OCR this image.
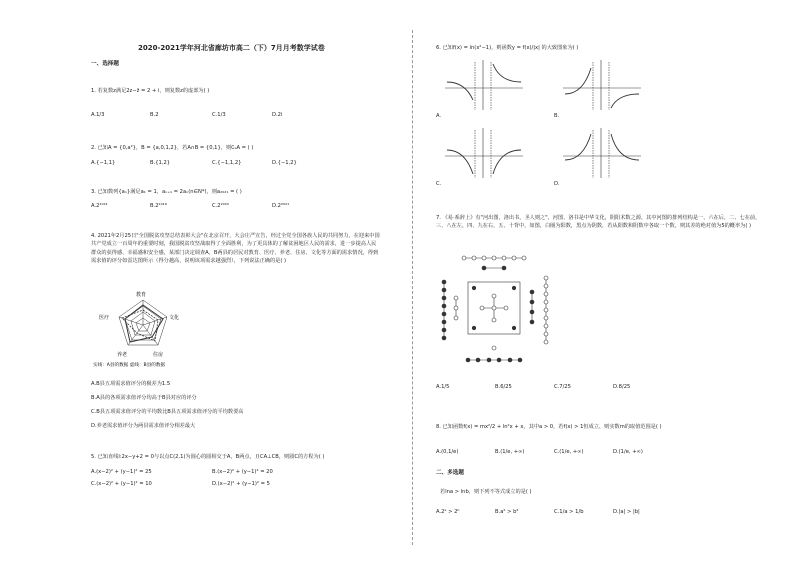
2020-2021学年河北省廊坊市高二（下）7月月考数学试卷
一、选择题
1. 若复数z满足2z−z̄ = 2 + i，则复数z的虚部为( )
A.1/3	B.2	C.1/3	D.2i
2. 已知A = {0,a²}，B = {a,0,1,2}，若A∩B = {0,1}，则∁ₐA = ( )
A.{−1,1}	B.{1,2}	C.{−1,1,2}	D.{−1,2}
3. 已知数列{aₙ}满足a₁ = 1，aₙ₊₁ = 2aₙ(n∈N*)，则a₂₀₂₁ = ( )
A.2¹⁰²¹	B.2²⁰¹⁹	C.2²⁰²⁰	D.2²⁰²¹
4. 2021年2月25日"全国脱贫攻坚总结表彰大会"在北京召开，大会庄严宣告，经过全党全国各族人民的共同努力，在迎来中国共产党成立一百周年的重要时刻，我国脱贫攻坚战取得了全面胜利，为了更具体的了解贫困地区人民的需求，进一步提高人民群众的获得感、幸福感和安全感，某部门决定调查A，B两县的居民对教育、医疗、养老、住房、文化等方面的需求情况，得到需求值的评分如雷达图所示（得分越高，说明该项需求越强烈），下列说法正确的是( )
教育
文化
住房
养老
医疗
实线：A县的数据 虚线：B县的数据
A.B县五项需求值评分的极差为1.5
B.A县的各项需求值评分均高于B县对应的评分
C.B县五项需求值评分的平均数比B县五项需求值评分的平均数要高
D.养老需求值评分为两县需求值评分相差最大
5. 已知直线l:2x−y+2 = 0与以点C(2,1)为圆心的圆相交于A，B两点，且CA⊥CB，则圆C的方程为( )
A.(x−2)² + (y−1)² = 25	B.(x−2)² + (y−1)² = 20
C.(x−2)² + (y−1)² = 10	D.(x−2)² + (y−1)² = 5
6. 已知f(x) = ln(x²−1)，则函数y = f(x)/|x| 的大致图象为( )
A.	B.
C.	D.
7. 《易·系辞上》有"河出图，洛出书，圣人则之"，河图、洛书是中华文化，阴阳术数之源，其中河图的排列结构是一、六在后，二、七在前，三、八在左，四、九在右，五、十背中，如图，白圈为阳数，黑点为阴数，若从阳数和阴数中各取一个数，则其差的绝对值为5的概率为( )
A.1/5	B.6/25	C.7/25	D.8/25
8. 已知函数f(x) = mx²/2 + ln²x + x，其中a > 0，若f(x) > 1恒成立，则实数m的取值范围是( )
A.(0,1/e)	B.(1/e, +∞)	C.(1/e, +∞)	D.(1/e, +∞)
二、多选题
若lna > lnb，则下列不等式成立的是( )
A.2ᵃ > 2ᵇ	B.a² > b²	C.1/a > 1/b	D.|a| > |b|
